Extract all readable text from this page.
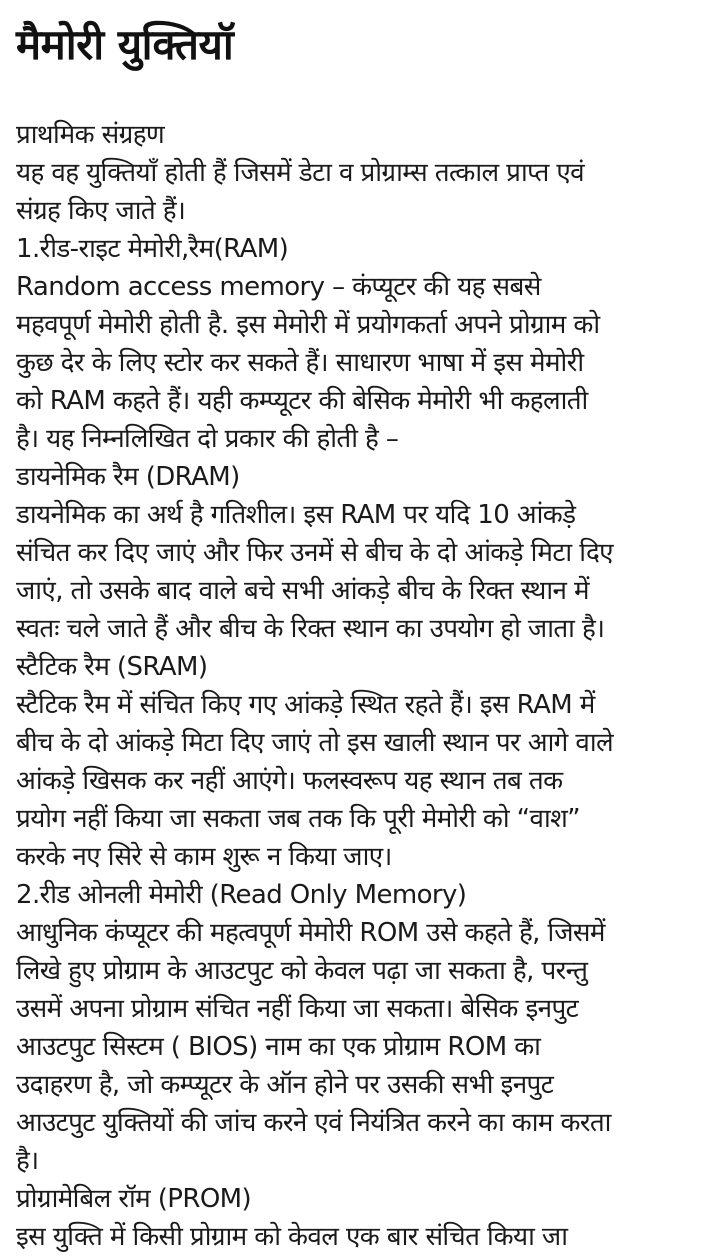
मैमोरी युक्तियॉ
प्राथमिक संग्रहण
यह वह युक्तियाँ होती हैं जिसमें डेटा व प्रोग्राम्स तत्काल प्राप्त एवं
संग्रह किए जाते हैं।
1.रीड-राइट मेमोरी,रैम(RAM)
Random access memory – कंप्यूटर की यह सबसे
महवपूर्ण मेमोरी होती है. इस मेमोरी में प्रयोगकर्ता अपने प्रोग्राम को
कुछ देर के लिए स्टोर कर सकते हैं। साधारण भाषा में इस मेमोरी
को RAM कहते हैं। यही कम्प्यूटर की बेसिक मेमोरी भी कहलाती
है। यह निम्नलिखित दो प्रकार की होती है –
डायनेमिक रैम (DRAM)
डायनेमिक का अर्थ है गतिशील। इस RAM पर यदि 10 आंकड़े
संचित कर दिए जाएं और फिर उनमें से बीच के दो आंकड़े मिटा दिए
जाएं, तो उसके बाद वाले बचे सभी आंकड़े बीच के रिक्त स्थान में
स्वतः चले जाते हैं और बीच के रिक्त स्थान का उपयोग हो जाता है।
स्टैटिक रैम (SRAM)
स्टैटिक रैम में संचित किए गए आंकड़े स्थित रहते हैं। इस RAM में
बीच के दो आंकड़े मिटा दिए जाएं तो इस खाली स्थान पर आगे वाले
आंकड़े खिसक कर नहीं आएंगे। फलस्वरूप यह स्थान तब तक
प्रयोग नहीं किया जा सकता जब तक कि पूरी मेमोरी को “वाश”
करके नए सिरे से काम शुरू न किया जाए।
2.रीड ओनली मेमोरी (Read Only Memory)
आधुनिक कंप्यूटर की महत्वपूर्ण मेमोरी ROM उसे कहते हैं, जिसमें
लिखे हुए प्रोग्राम के आउटपुट को केवल पढ़ा जा सकता है, परन्तु
उसमें अपना प्रोग्राम संचित नहीं किया जा सकता। बेसिक इनपुट
आउटपुट सिस्टम ( BIOS) नाम का एक प्रोग्राम ROM का
उदाहरण है, जो कम्प्यूटर के ऑन होने पर उसकी सभी इनपुट
आउटपुट युक्तियों की जांच करने एवं नियंत्रित करने का काम करता
है।
प्रोग्रामेबिल रॉम (PROM)
इस युक्ति में किसी प्रोग्राम को केवल एक बार संचित किया जा
